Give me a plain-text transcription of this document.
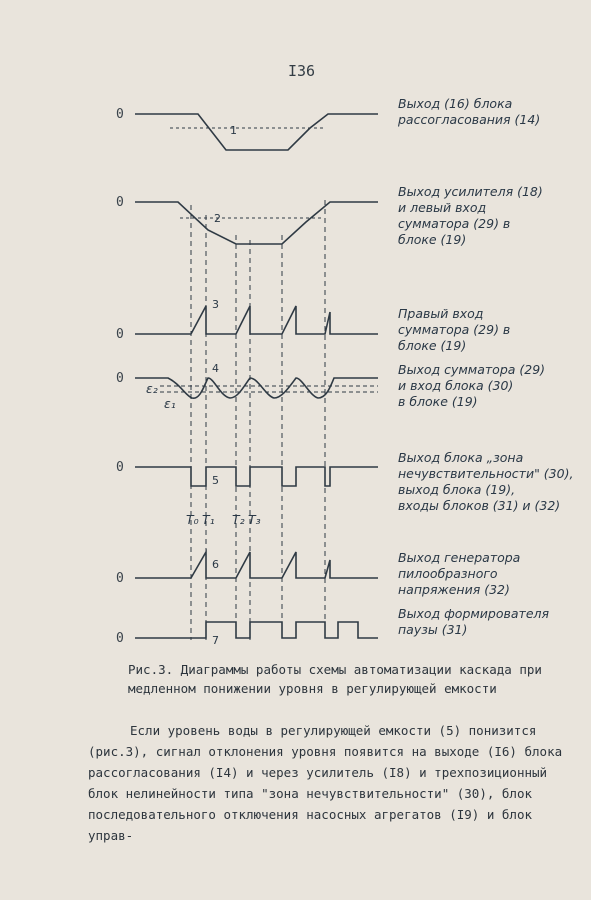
I36
0
0
0
0
0
0
0
1
2
3
4
5
6
7
ε₂
ε₁
T₀ T₁ T₂ T₃
Выход (16) блока
рассогласования (14)
Выход усилителя (18)
и левый вход
сумматора (29) в
блоке (19)
Правый вход
сумматора (29) в
блоке (19)
Выход сумматора (29)
и вход блока (30)
в блоке (19)
Выход блока „зона
нечувствительности" (30),
выход блока (19),
входы блоков (31) и (32)
Выход генератора
пилообразного
напряжения (32)
Выход формирователя
паузы (31)
Рис.3. Диаграммы работы схемы автоматизации каскада при медленном понижении уровня в регулирующей емкости

Если уровень воды в регулирующей емкости (5) понизится (рис.3), сигнал отклонения уровня появится на выходе (I6) блока рассогласования (I4) и через усилитель (I8) и трехпозиционный блок нелинейности типа "зона нечувствительности" (30), блок последовательного отключения насосных агрегатов (I9) и блок управ-
